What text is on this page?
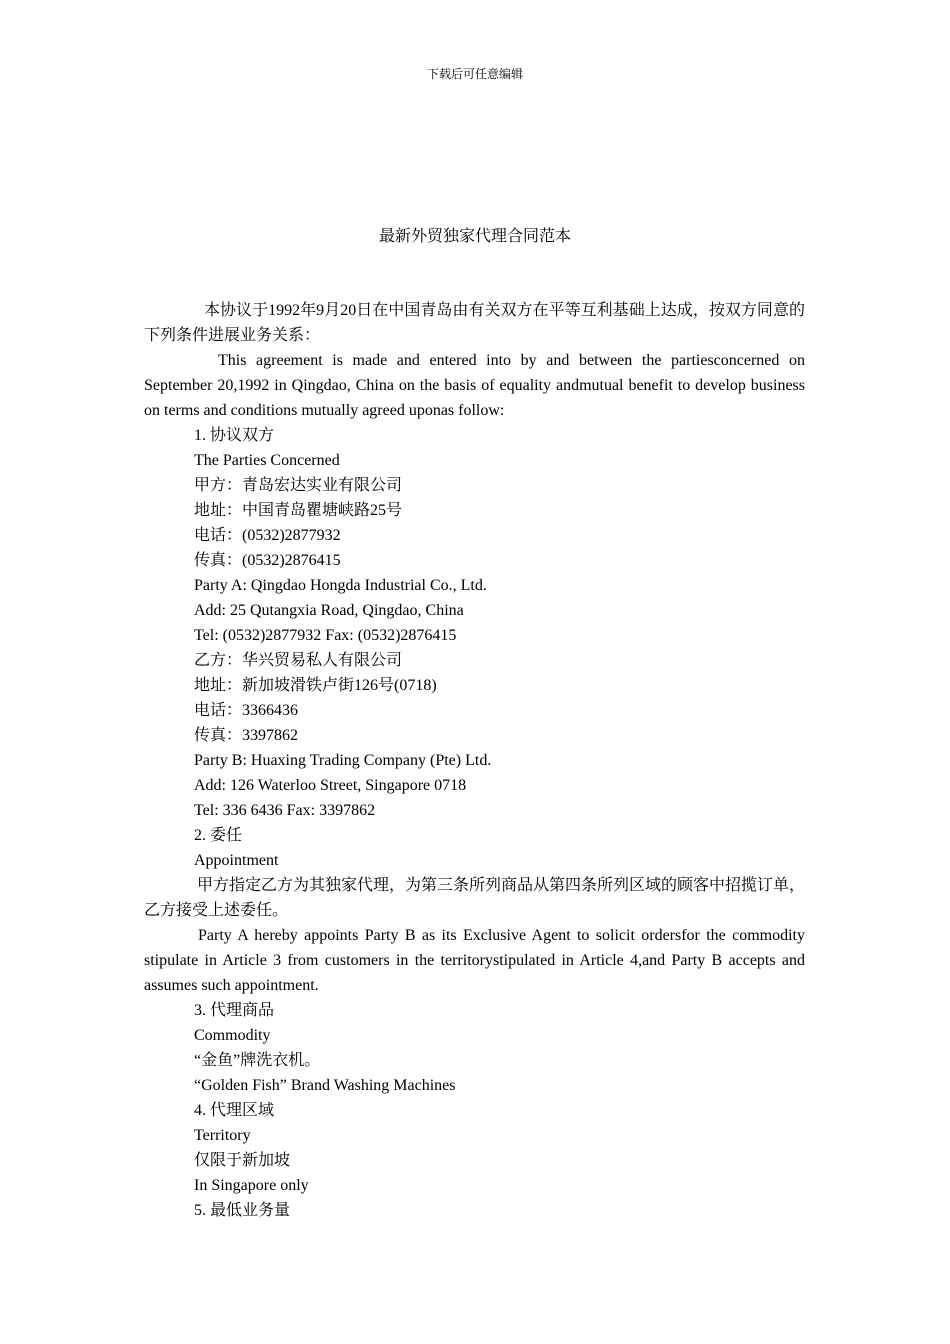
下载后可任意编辑
最新外贸独家代理合同范本

本协议于1992年9月20日在中国青岛由有关双方在平等互利基础上达成，按双方同意的下列条件进展业务关系：

This agreement is made and entered into by and between the partiesconcerned on September 20,1992 in Qingdao, China on the basis of equality andmutual benefit to develop business on terms and conditions mutually agreed uponas follow:

1. 协议双方
The Parties Concerned
甲方：青岛宏达实业有限公司
地址：中国青岛瞿塘峡路25号
电话：(0532)2877932
传真：(0532)2876415
Party A: Qingdao Hongda Industrial Co., Ltd.
Add: 25 Qutangxia Road, Qingdao, China
Tel: (0532)2877932 Fax: (0532)2876415
乙方：华兴贸易私人有限公司
地址：新加坡滑铁卢街126号(0718)
电话：3366436
传真：3397862
Party B: Huaxing Trading Company (Pte) Ltd.
Add: 126 Waterloo Street, Singapore 0718
Tel: 336 6436 Fax: 3397862
2. 委任
Appointment

甲方指定乙方为其独家代理，为第三条所列商品从第四条所列区域的顾客中招揽订单，乙方接受上述委任。

Party A hereby appoints Party B as its Exclusive Agent to solicit ordersfor the commodity stipulate in Article 3 from customers in the territorystipulated in Article 4,and Party B accepts and assumes such appointment.

3. 代理商品
Commodity
“金鱼”牌洗衣机。
“Golden Fish” Brand Washing Machines
4. 代理区域
Territory
仅限于新加坡
In Singapore only
5. 最低业务量
